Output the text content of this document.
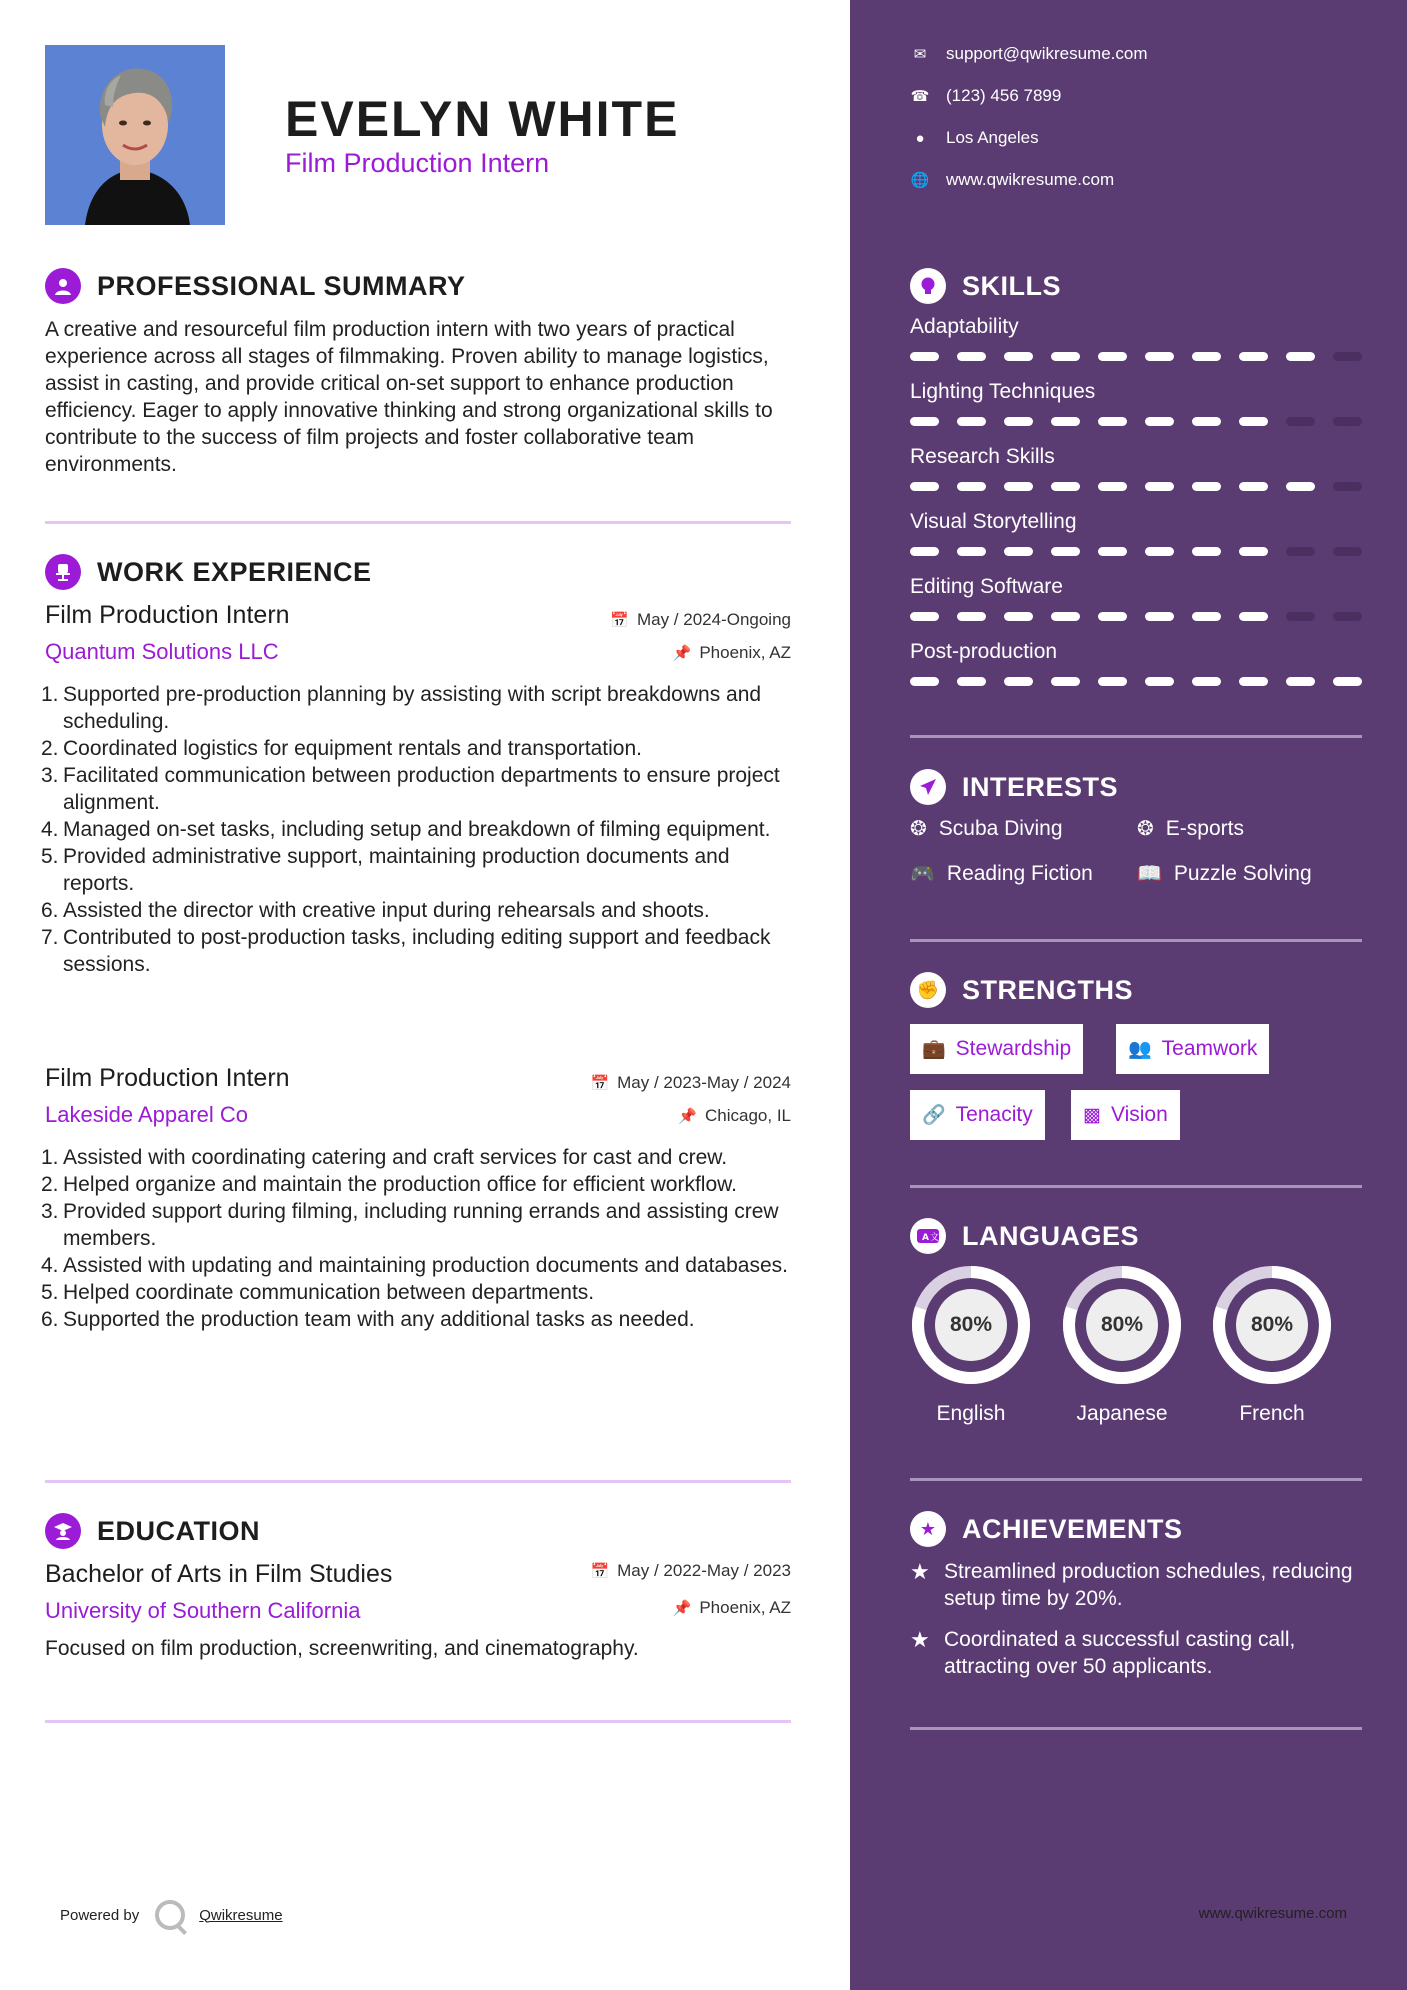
EVELYN WHITE
Film Production Intern
PROFESSIONAL SUMMARY
A creative and resourceful film production intern with two years of practical experience across all stages of filmmaking. Proven ability to manage logistics, assist in casting, and provide critical on-set support to enhance production efficiency. Eager to apply innovative thinking and strong organizational skills to contribute to the success of film projects and foster collaborative team environments.
WORK EXPERIENCE
Film Production Intern	📅 May / 2024-Ongoing
Quantum Solutions LLC	📌 Phoenix, AZ
1. Supported pre-production planning by assisting with script breakdowns and scheduling.
2. Coordinated logistics for equipment rentals and transportation.
3. Facilitated communication between production departments to ensure project alignment.
4. Managed on-set tasks, including setup and breakdown of filming equipment.
5. Provided administrative support, maintaining production documents and reports.
6. Assisted the director with creative input during rehearsals and shoots.
7. Contributed to post-production tasks, including editing support and feedback sessions.
Film Production Intern	📅 May / 2023-May / 2024
Lakeside Apparel Co	📌 Chicago, IL
1. Assisted with coordinating catering and craft services for cast and crew.
2. Helped organize and maintain the production office for efficient workflow.
3. Provided support during filming, including running errands and assisting crew members.
4. Assisted with updating and maintaining production documents and databases.
5. Helped coordinate communication between departments.
6. Supported the production team with any additional tasks as needed.
EDUCATION
Bachelor of Arts in Film Studies	📅 May / 2022-May / 2023
University of Southern California	📌 Phoenix, AZ
Focused on film production, screenwriting, and cinematography.
Powered by	Qwikresume
✉ support@qwikresume.com
☎ (123) 456 7899
●	Los Angeles
🌐 www.qwikresume.com
SKILLS
Adaptability
Lighting Techniques
Research Skills
Visual Storytelling
Editing Software
Post-production
INTERESTS
❂ Scuba Diving	❂ E-sports
🎮 Reading Fiction 📖 Puzzle Solving
✊ STRENGTHS
💼 Stewardship	👥 Teamwork
🔗 Tenacity	▩ Vision
A 文 LANGUAGES
80%
English
80%
Japanese
80%
French
★ ACHIEVEMENTS
★ Streamlined production schedules, reducing setup time by 20%.
★ Coordinated a successful casting call, attracting over 50 applicants.
www.qwikresume.com
